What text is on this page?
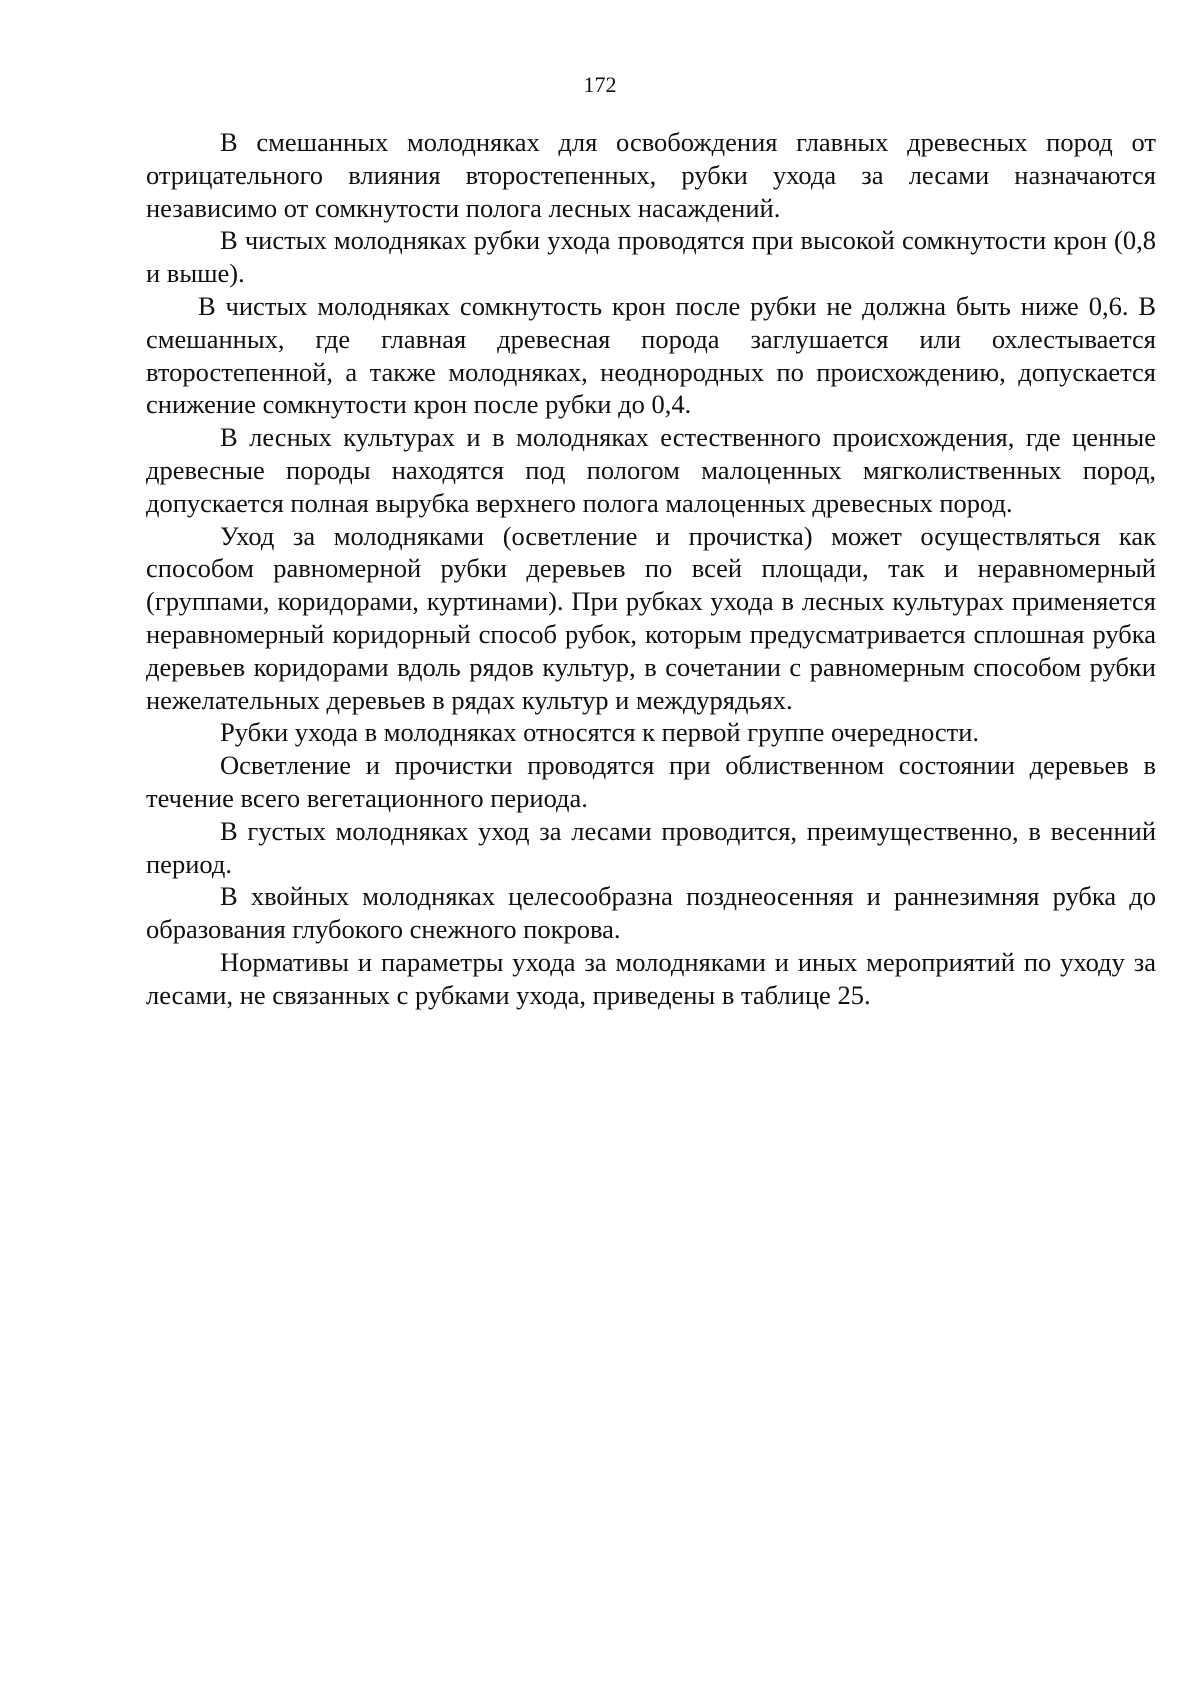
172

В смешанных молодняках для освобождения главных древесных пород от отрицательного влияния второстепенных, рубки ухода за лесами назначаются независимо от сомкнутости полога лесных насаждений.

В чистых молодняках рубки ухода проводятся при высокой сомкнутости крон (0,8 и выше).

В чистых молодняках сомкнутость крон после рубки не должна быть ниже 0,6. В смешанных, где главная древесная порода заглушается или охлестывается второстепенной, а также молодняках, неоднородных по происхождению, допускается снижение сомкнутости крон после рубки до 0,4.

В лесных культурах и в молодняках естественного происхождения, где ценные древесные породы находятся под пологом малоценных мягколиственных пород, допускается полная вырубка верхнего полога малоценных древесных пород.

Уход за молодняками (осветление и прочистка) может осуществляться как способом равномерной рубки деревьев по всей площади, так и неравномерный (группами, коридорами, куртинами). При рубках ухода в лесных культурах применяется неравномерный коридорный способ рубок, которым предусматривается сплошная рубка деревьев коридорами вдоль рядов культур, в сочетании с равномерным способом рубки нежелательных деревьев в рядах культур и междурядьях.

Рубки ухода в молодняках относятся к первой группе очередности.

Осветление и прочистки проводятся при облиственном состоянии деревьев в течение всего вегетационного периода.

В густых молодняках уход за лесами проводится, преимущественно, в весенний период.

В хвойных молодняках целесообразна позднеосенняя и раннезимняя рубка до образования глубокого снежного покрова.

Нормативы и параметры ухода за молодняками и иных мероприятий по уходу за лесами, не связанных с рубками ухода, приведены в таблице 25.
